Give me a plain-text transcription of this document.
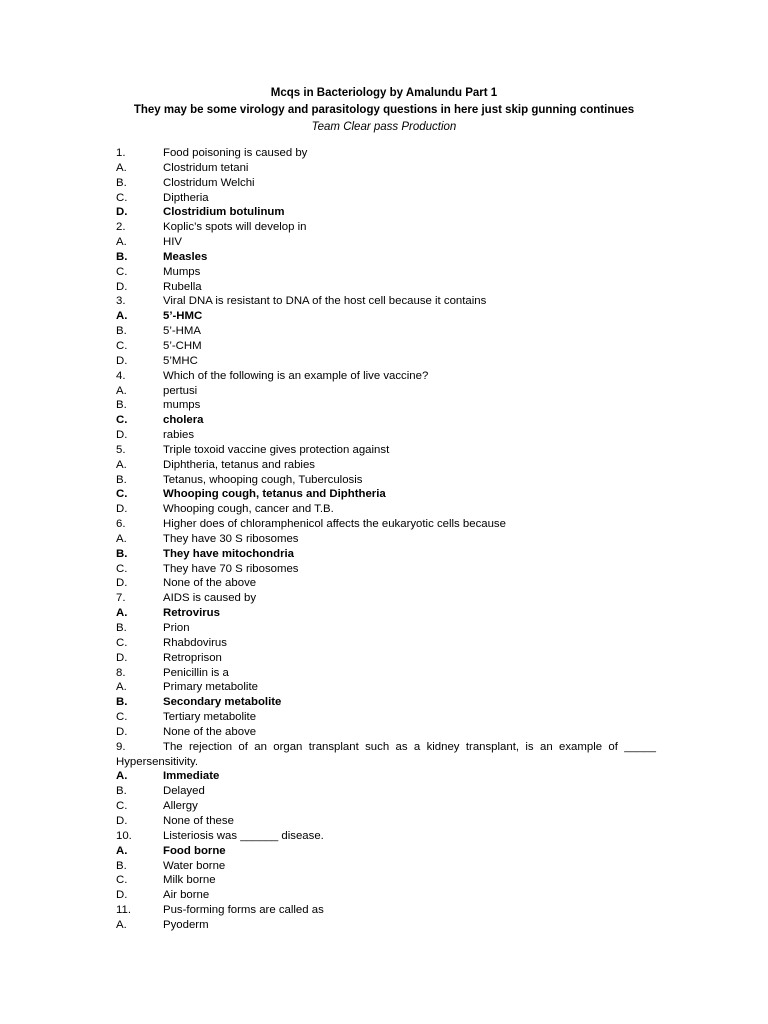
Mcqs in Bacteriology by Amalundu Part 1
They may be some virology and parasitology questions in here just skip gunning continues
Team Clear pass Production
1.	Food poisoning is caused by
A.	Clostridum tetani
B.	Clostridum Welchi
C.	Diptheria
D.	Clostridium botulinum
2.	Koplic’s spots will develop in
A.	HIV
B.	Measles
C.	Mumps
D.	Rubella
3.	Viral DNA is resistant to DNA of the host cell because it contains
A.	5’-HMC
B.	5’-HMA
C.	5’-CHM
D.	5’MHC
4.	Which of the following is an example of live vaccine?
A.	pertusi
B.	mumps
C.	cholera
D.	rabies
5.	Triple toxoid vaccine gives protection against
A.	Diphtheria, tetanus and rabies
B.	Tetanus, whooping cough, Tuberculosis
C.	Whooping cough, tetanus and Diphtheria
D.	Whooping cough, cancer and T.B.
6.	Higher does of chloramphenicol affects the eukaryotic cells because
A.	They have 30 S ribosomes
B.	They have mitochondria
C.	They have 70 S ribosomes
D.	None of the above
7.	AIDS is caused by
A.	Retrovirus
B.	Prion
C.	Rhabdovirus
D.	Retroprison
8.	Penicillin is a
A.	Primary metabolite
B.	Secondary metabolite
C.	Tertiary metabolite
D.	None of the above
9.	The rejection of an organ transplant such as a kidney transplant, is an example of _____
Hypersensitivity.
A.	Immediate
B.	Delayed
C.	Allergy
D.	None of these
10.	Listeriosis was ______ disease.
A.	Food borne
B.	Water borne
C.	Milk borne
D.	Air borne
11.	Pus-forming forms are called as
A.	Pyoderm
